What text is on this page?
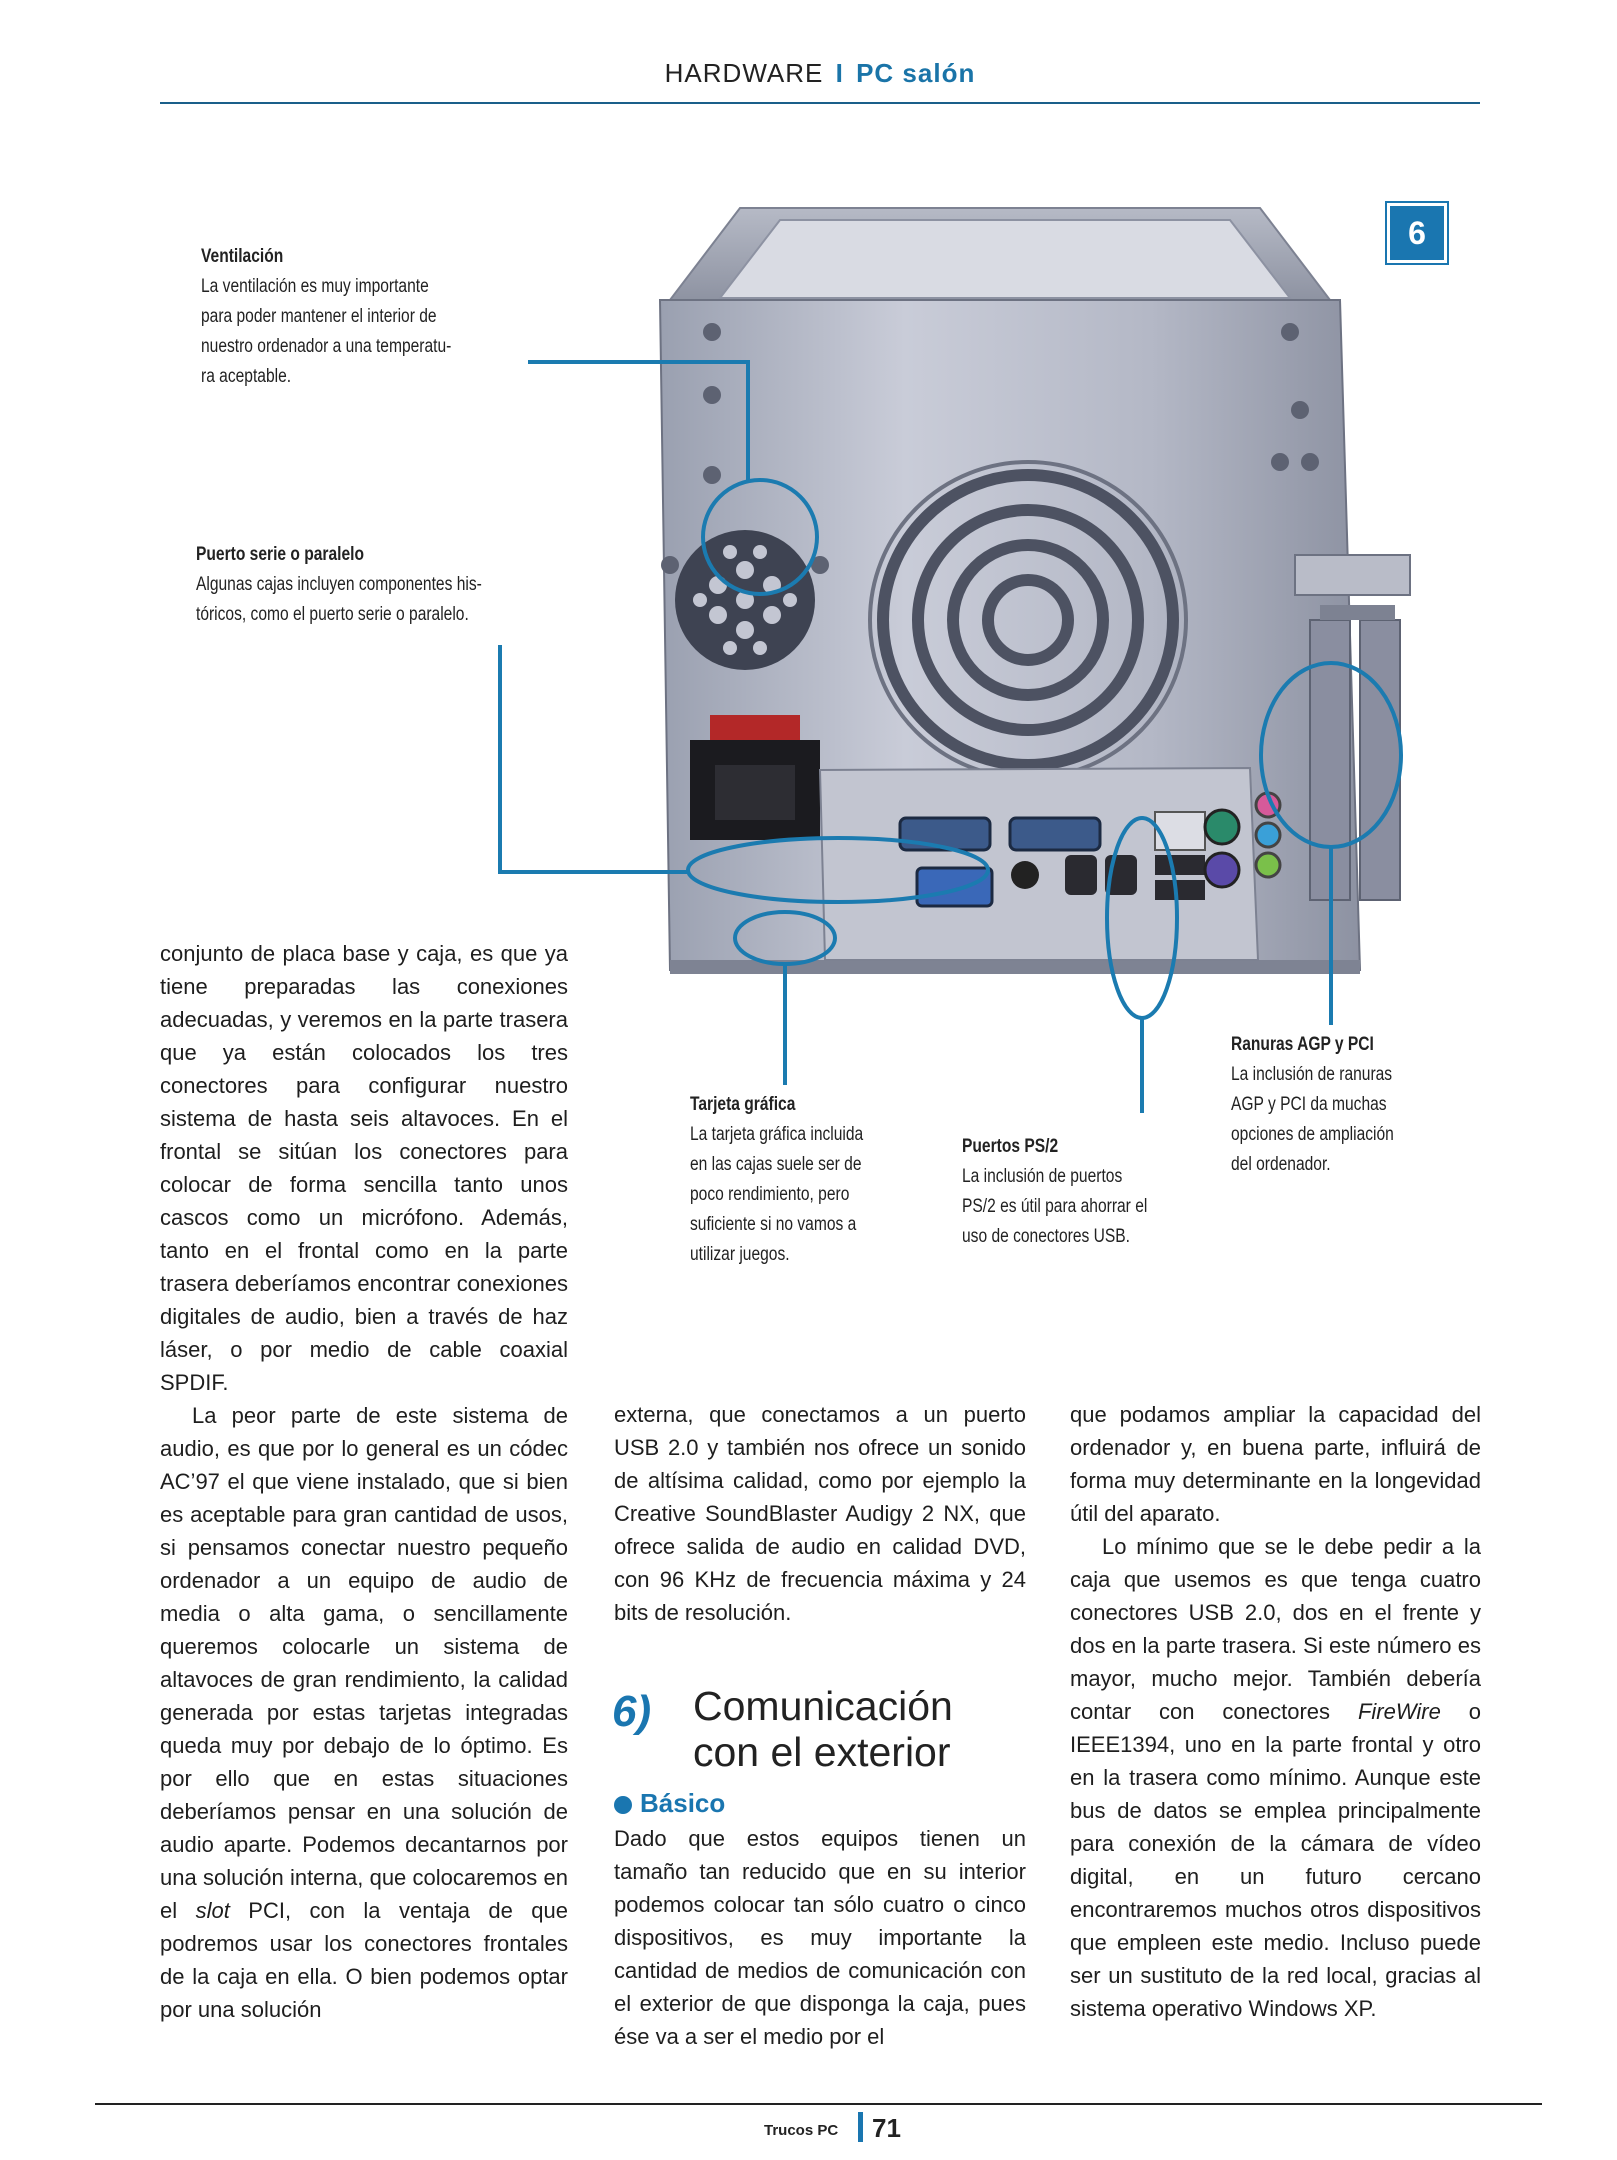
HARDWARE I PC salón
6
Ventilación
La ventilación es muy importante
para poder mantener el interior de
nuestro ordenador a una temperatu-
ra aceptable.
Puerto serie o paralelo
Algunas cajas incluyen componentes his-
tóricos, como el puerto serie o paralelo.
Tarjeta gráfica
La tarjeta gráfica incluida
en las cajas suele ser de
poco rendimiento, pero
suficiente si no vamos a
utilizar juegos.
Puertos PS/2
La inclusión de puertos
PS/2 es útil para ahorrar el
uso de conectores USB.
Ranuras AGP y PCI
La inclusión de ranuras
AGP y PCI da muchas
opciones de ampliación
del ordenador.

conjunto de placa base y caja, es que ya tiene preparadas las conexiones adecuadas, y veremos en la parte trasera que ya están colocados los tres conectores para configurar nuestro sistema de hasta seis altavoces. En el frontal se sitúan los conectores para colocar de forma sencilla tanto unos cascos como un micrófono. Además, tanto en el frontal como en la parte trasera deberíamos encontrar conexiones digitales de audio, bien a través de haz láser, o por medio de cable coaxial SPDIF.

La peor parte de este sistema de audio, es que por lo general es un códec AC’97 el que viene instalado, que si bien es aceptable para gran cantidad de usos, si pensamos conectar nuestro pequeño ordenador a un equipo de audio de media o alta gama, o sencillamente queremos colocarle un sistema de altavoces de gran rendimiento, la calidad generada por estas tarjetas integradas queda muy por debajo de lo óptimo. Es por ello que en estas situaciones deberíamos pensar en una solución de audio aparte. Podemos decantarnos por una solución interna, que colocaremos en el slot PCI, con la ventaja de que podremos usar los conectores frontales de la caja en ella. O bien podemos optar por una solución

externa, que conectamos a un puerto USB 2.0 y también nos ofrece un sonido de altísima calidad, como por ejemplo la Creative SoundBlaster Audigy 2 NX, que ofrece salida de audio en calidad DVD, con 96 KHz de frecuencia máxima y 24 bits de resolución.

6) Comunicación
con el exterior
Básico

Dado que estos equipos tienen un tamaño tan reducido que en su interior podemos colocar tan sólo cuatro o cinco dispositivos, es muy importante la cantidad de medios de comunicación con el exterior de que disponga la caja, pues ése va a ser el medio por el

que podamos ampliar la capacidad del ordenador y, en buena parte, influirá de forma muy determinante en la longevidad útil del aparato.

Lo mínimo que se le debe pedir a la caja que usemos es que tenga cuatro conectores USB 2.0, dos en el frente y dos en la parte trasera. Si este número es mayor, mucho mejor. También debería contar con conectores FireWire o IEEE1394, uno en la parte frontal y otro en la trasera como mínimo. Aunque este bus de datos se emplea principalmente para conexión de la cámara de vídeo digital, en un futuro cercano encontraremos muchos otros dispositivos que empleen este medio. Incluso puede ser un sustituto de la red local, gracias al sistema operativo Windows XP.

Trucos PC 71
